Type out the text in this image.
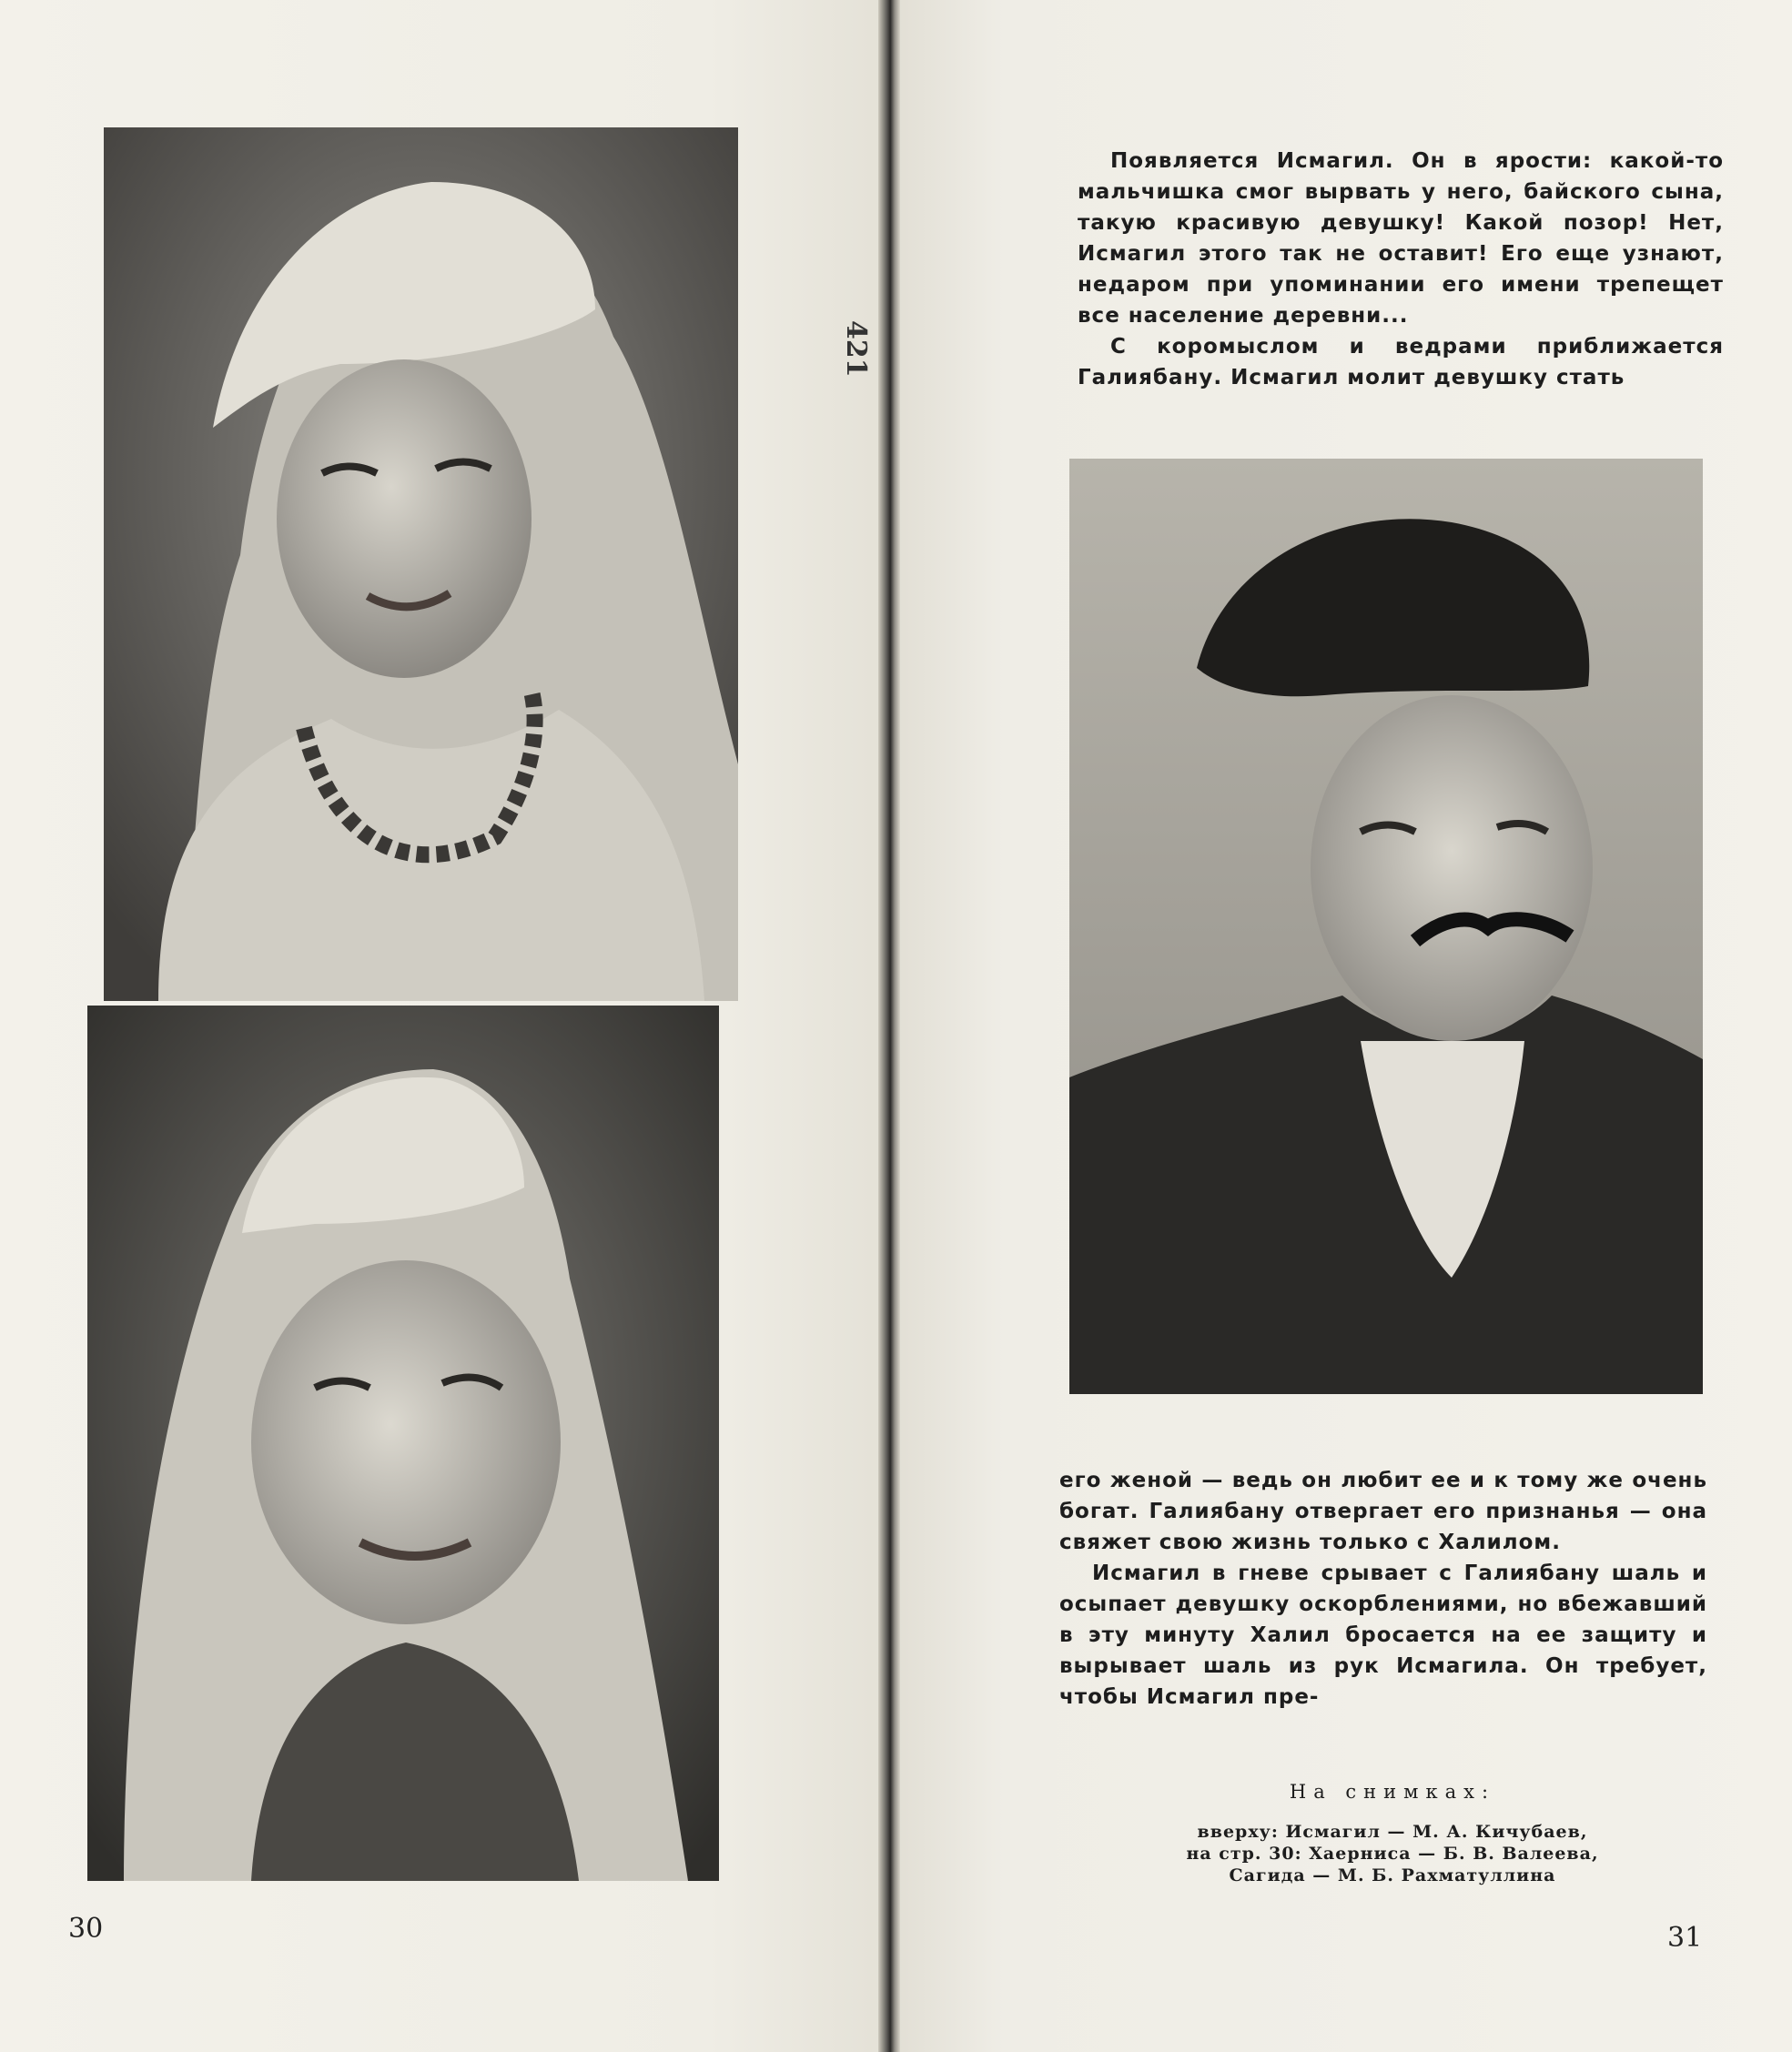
421

Появляется Исмагил. Он в ярости: какой-то мальчишка смог вырвать у него, байского сына, такую красивую девушку! Какой позор! Нет, Исмагил этого так не оставит! Его еще узнают, недаром при упоминании его имени трепещет все население деревни...

С коромыслом и ведрами приближается Галиябану. Исмагил молит девушку стать

его женой — ведь он любит ее и к тому же очень богат. Галиябану отвергает его признанья — она свяжет свою жизнь только с Халилом.

Исмагил в гневе срывает с Галиябану шаль и осыпает девушку оскорблениями, но вбежавший в эту минуту Халил бросается на ее защиту и вырывает шаль из рук Исмагила. Он требует, чтобы Исмагил пре-

На снимках:
вверху: Исмагил — М. А. Кичубаев,
на стр. 30: Хаерниса — Б. В. Валеева,
Сагида — М. Б. Рахматуллина
30	31
